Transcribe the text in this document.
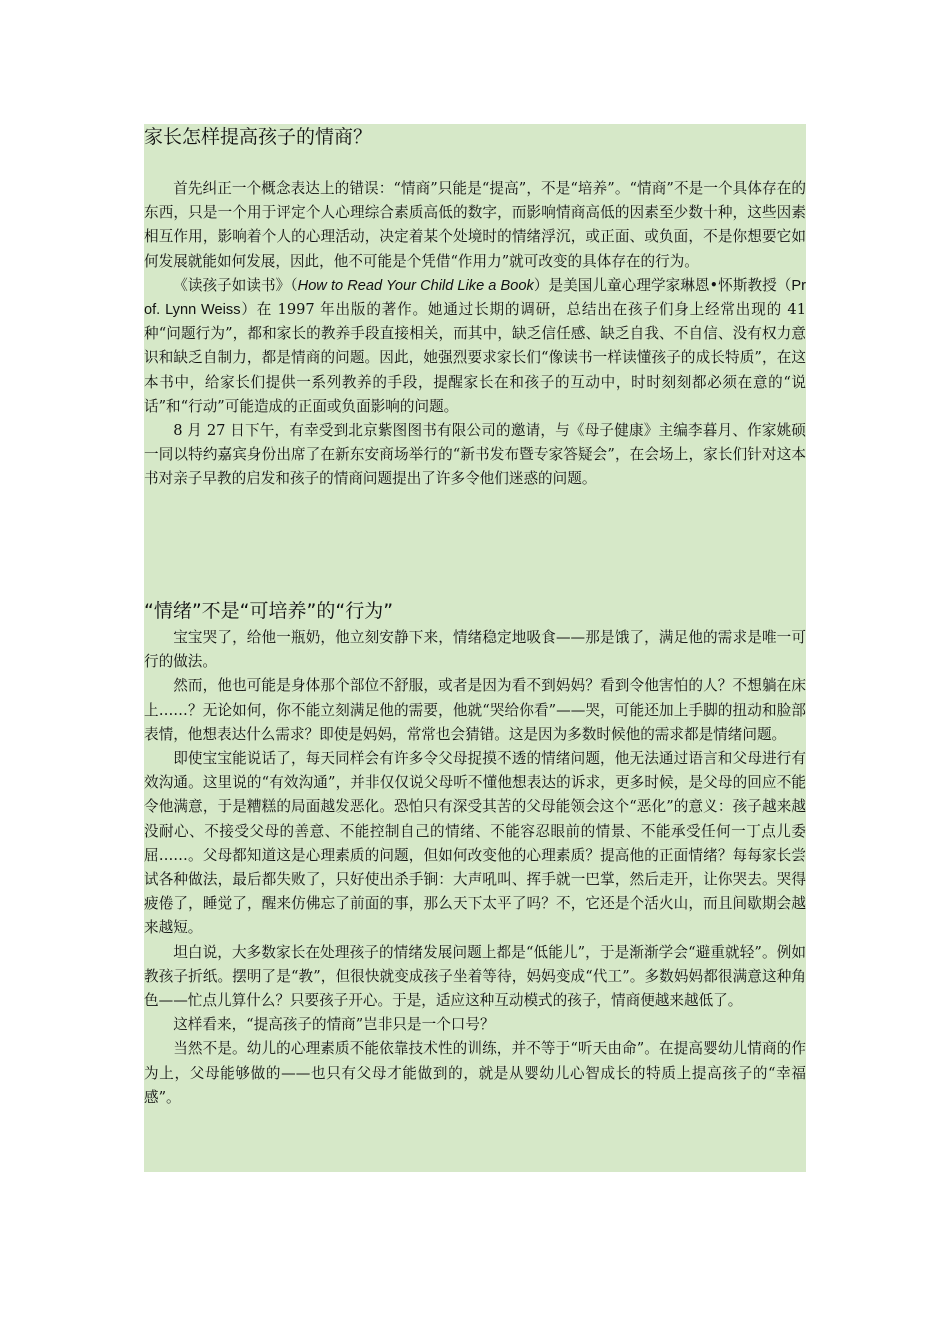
家长怎样提高孩子的情商？

首先纠正一个概念表达上的错误：“情商”只能是“提高”，不是“培养”。“情商”不是一个具体存在的东西，只是一个用于评定个人心理综合素质高低的数字，而影响情商高低的因素至少数十种，这些因素相互作用，影响着个人的心理活动，决定着某个处境时的情绪浮沉，或正面、或负面，不是你想要它如何发展就能如何发展，因此，他不可能是个凭借“作用力”就可改变的具体存在的行为。

《读孩子如读书》（How to Read Your Child Like a Book）是美国儿童心理学家琳恩•怀斯教授（Prof. Lynn Weiss）在 1997 年出版的著作。她通过长期的调研，总结出在孩子们身上经常出现的 41 种“问题行为”，都和家长的教养手段直接相关，而其中，缺乏信任感、缺乏自我、不自信、没有权力意识和缺乏自制力，都是情商的问题。因此，她强烈要求家长们“像读书一样读懂孩子的成长特质”，在这本书中，给家长们提供一系列教养的手段，提醒家长在和孩子的互动中，时时刻刻都必须在意的“说话”和“行动”可能造成的正面或负面影响的问题。

8 月 27 日下午，有幸受到北京紫图图书有限公司的邀请，与《母子健康》主编李暮月、作家姚硕一同以特约嘉宾身份出席了在新东安商场举行的“新书发布暨专家答疑会”，在会场上，家长们针对这本书对亲子早教的启发和孩子的情商问题提出了许多令他们迷惑的问题。

“情绪”不是“可培养”的“行为”

宝宝哭了，给他一瓶奶，他立刻安静下来，情绪稳定地吸食——那是饿了，满足他的需求是唯一可行的做法。

然而，他也可能是身体那个部位不舒服，或者是因为看不到妈妈？看到令他害怕的人？不想躺在床上……？无论如何，你不能立刻满足他的需要，他就“哭给你看”——哭，可能还加上手脚的扭动和脸部表情，他想表达什么需求？即使是妈妈，常常也会猜错。这是因为多数时候他的需求都是情绪问题。

即使宝宝能说话了，每天同样会有许多令父母捉摸不透的情绪问题，他无法通过语言和父母进行有效沟通。这里说的“有效沟通”，并非仅仅说父母听不懂他想表达的诉求，更多时候，是父母的回应不能令他满意，于是糟糕的局面越发恶化。恐怕只有深受其苦的父母能领会这个“恶化”的意义：孩子越来越没耐心、不接受父母的善意、不能控制自己的情绪、不能容忍眼前的情景、不能承受任何一丁点儿委屈……。父母都知道这是心理素质的问题，但如何改变他的心理素质？提高他的正面情绪？每每家长尝试各种做法，最后都失败了，只好使出杀手锏：大声吼叫、挥手就一巴掌，然后走开，让你哭去。哭得疲倦了，睡觉了，醒来仿佛忘了前面的事，那么天下太平了吗？不，它还是个活火山，而且间歇期会越来越短。

坦白说，大多数家长在处理孩子的情绪发展问题上都是“低能儿”，于是渐渐学会“避重就轻”。例如教孩子折纸。摆明了是“教”，但很快就变成孩子坐着等待，妈妈变成“代工”。多数妈妈都很满意这种角色——忙点儿算什么？只要孩子开心。于是，适应这种互动模式的孩子，情商便越来越低了。

这样看来，“提高孩子的情商”岂非只是一个口号？

当然不是。幼儿的心理素质不能依靠技术性的训练，并不等于“听天由命”。在提高婴幼儿情商的作为上，父母能够做的——也只有父母才能做到的，就是从婴幼儿心智成长的特质上提高孩子的“幸福感”。
